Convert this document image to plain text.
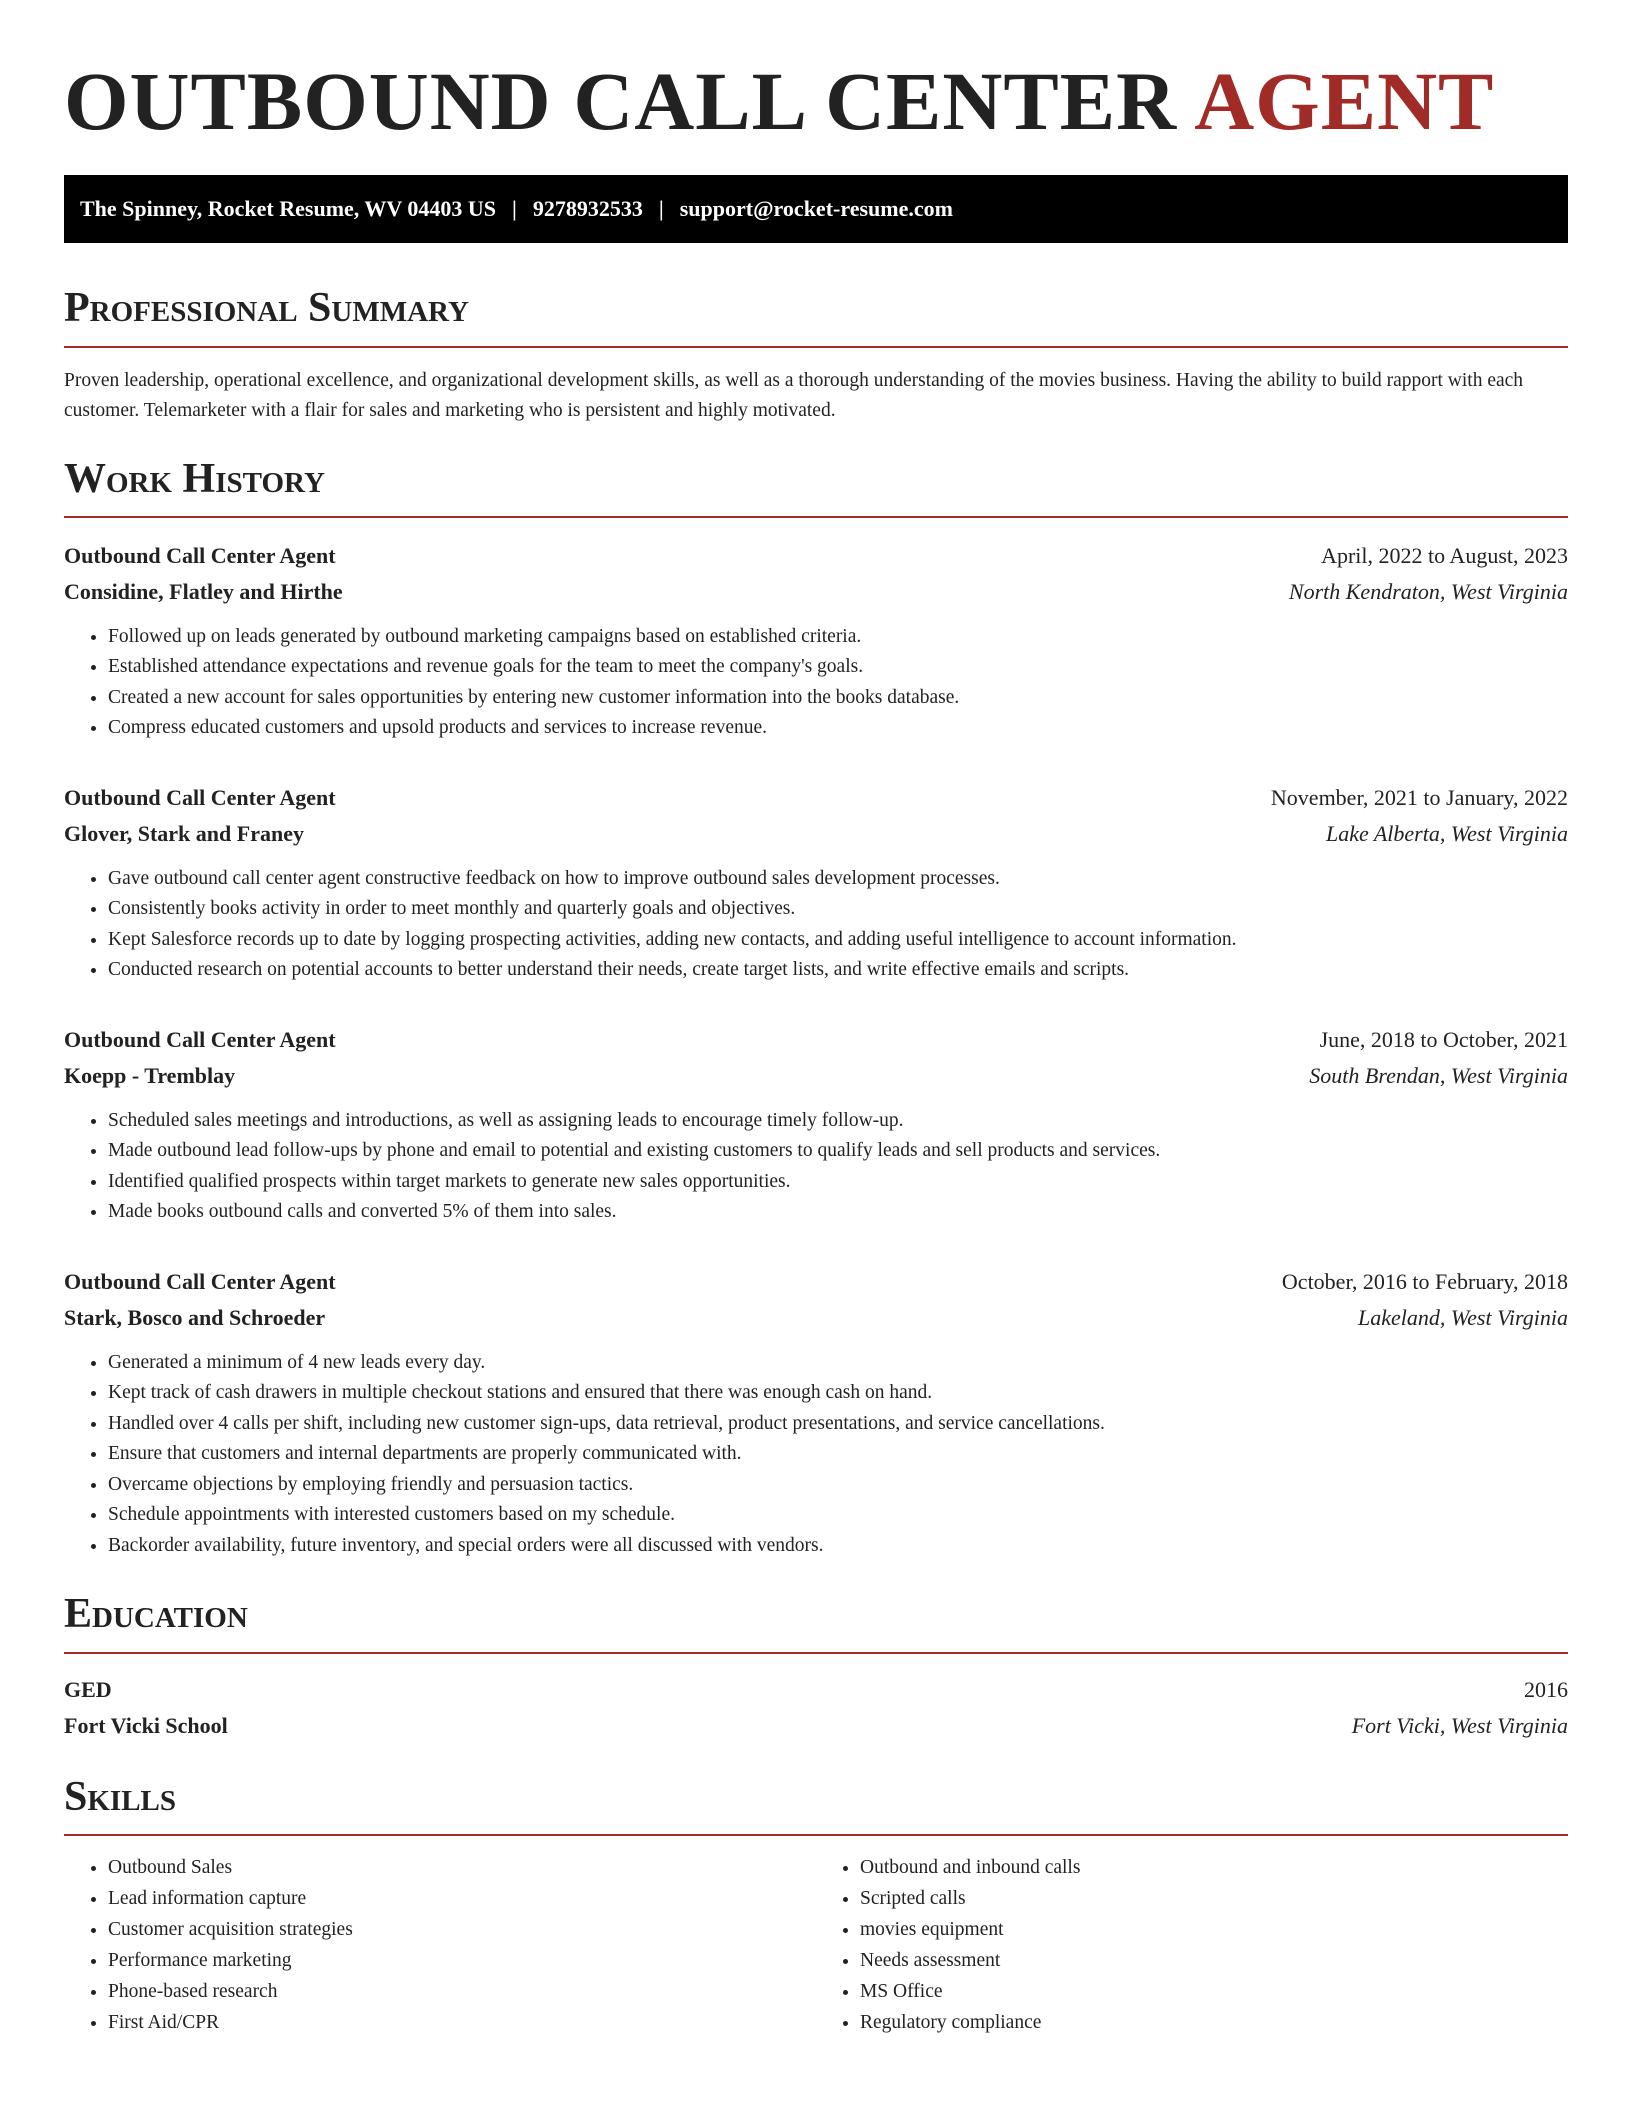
OUTBOUND CALL CENTER AGENT
The Spinney, Rocket Resume, WV 04403 US | 9278932533 | support@rocket-resume.com
Professional Summary

Proven leadership, operational excellence, and organizational development skills, as well as a thorough understanding of the movies business. Having the ability to build rapport with each customer. Telemarketer with a flair for sales and marketing who is persistent and highly motivated.

Work History
Outbound Call Center Agent	April, 2022 to August, 2023
Considine, Flatley and Hirthe	North Kendraton, West Virginia
• Followed up on leads generated by outbound marketing campaigns based on established criteria.
• Established attendance expectations and revenue goals for the team to meet the company's goals.
• Created a new account for sales opportunities by entering new customer information into the books database.
• Compress educated customers and upsold products and services to increase revenue.
Outbound Call Center Agent	November, 2021 to January, 2022
Glover, Stark and Franey	Lake Alberta, West Virginia
• Gave outbound call center agent constructive feedback on how to improve outbound sales development processes.
• Consistently books activity in order to meet monthly and quarterly goals and objectives.
• Kept Salesforce records up to date by logging prospecting activities, adding new contacts, and adding useful intelligence to account information.
• Conducted research on potential accounts to better understand their needs, create target lists, and write effective emails and scripts.
Outbound Call Center Agent	June, 2018 to October, 2021
Koepp - Tremblay	South Brendan, West Virginia
• Scheduled sales meetings and introductions, as well as assigning leads to encourage timely follow-up.
• Made outbound lead follow-ups by phone and email to potential and existing customers to qualify leads and sell products and services.
• Identified qualified prospects within target markets to generate new sales opportunities.
• Made books outbound calls and converted 5% of them into sales.
Outbound Call Center Agent	October, 2016 to February, 2018
Stark, Bosco and Schroeder	Lakeland, West Virginia
• Generated a minimum of 4 new leads every day.
• Kept track of cash drawers in multiple checkout stations and ensured that there was enough cash on hand.
• Handled over 4 calls per shift, including new customer sign-ups, data retrieval, product presentations, and service cancellations.
• Ensure that customers and internal departments are properly communicated with.
• Overcame objections by employing friendly and persuasion tactics.
• Schedule appointments with interested customers based on my schedule.
• Backorder availability, future inventory, and special orders were all discussed with vendors.
Education
GED	2016
Fort Vicki School	Fort Vicki, West Virginia
Skills
• Outbound Sales
• Lead information capture
• Customer acquisition strategies
• Performance marketing
• Phone-based research
• First Aid/CPR
• Outbound and inbound calls
• Scripted calls
• movies equipment
• Needs assessment
• MS Office
• Regulatory compliance
